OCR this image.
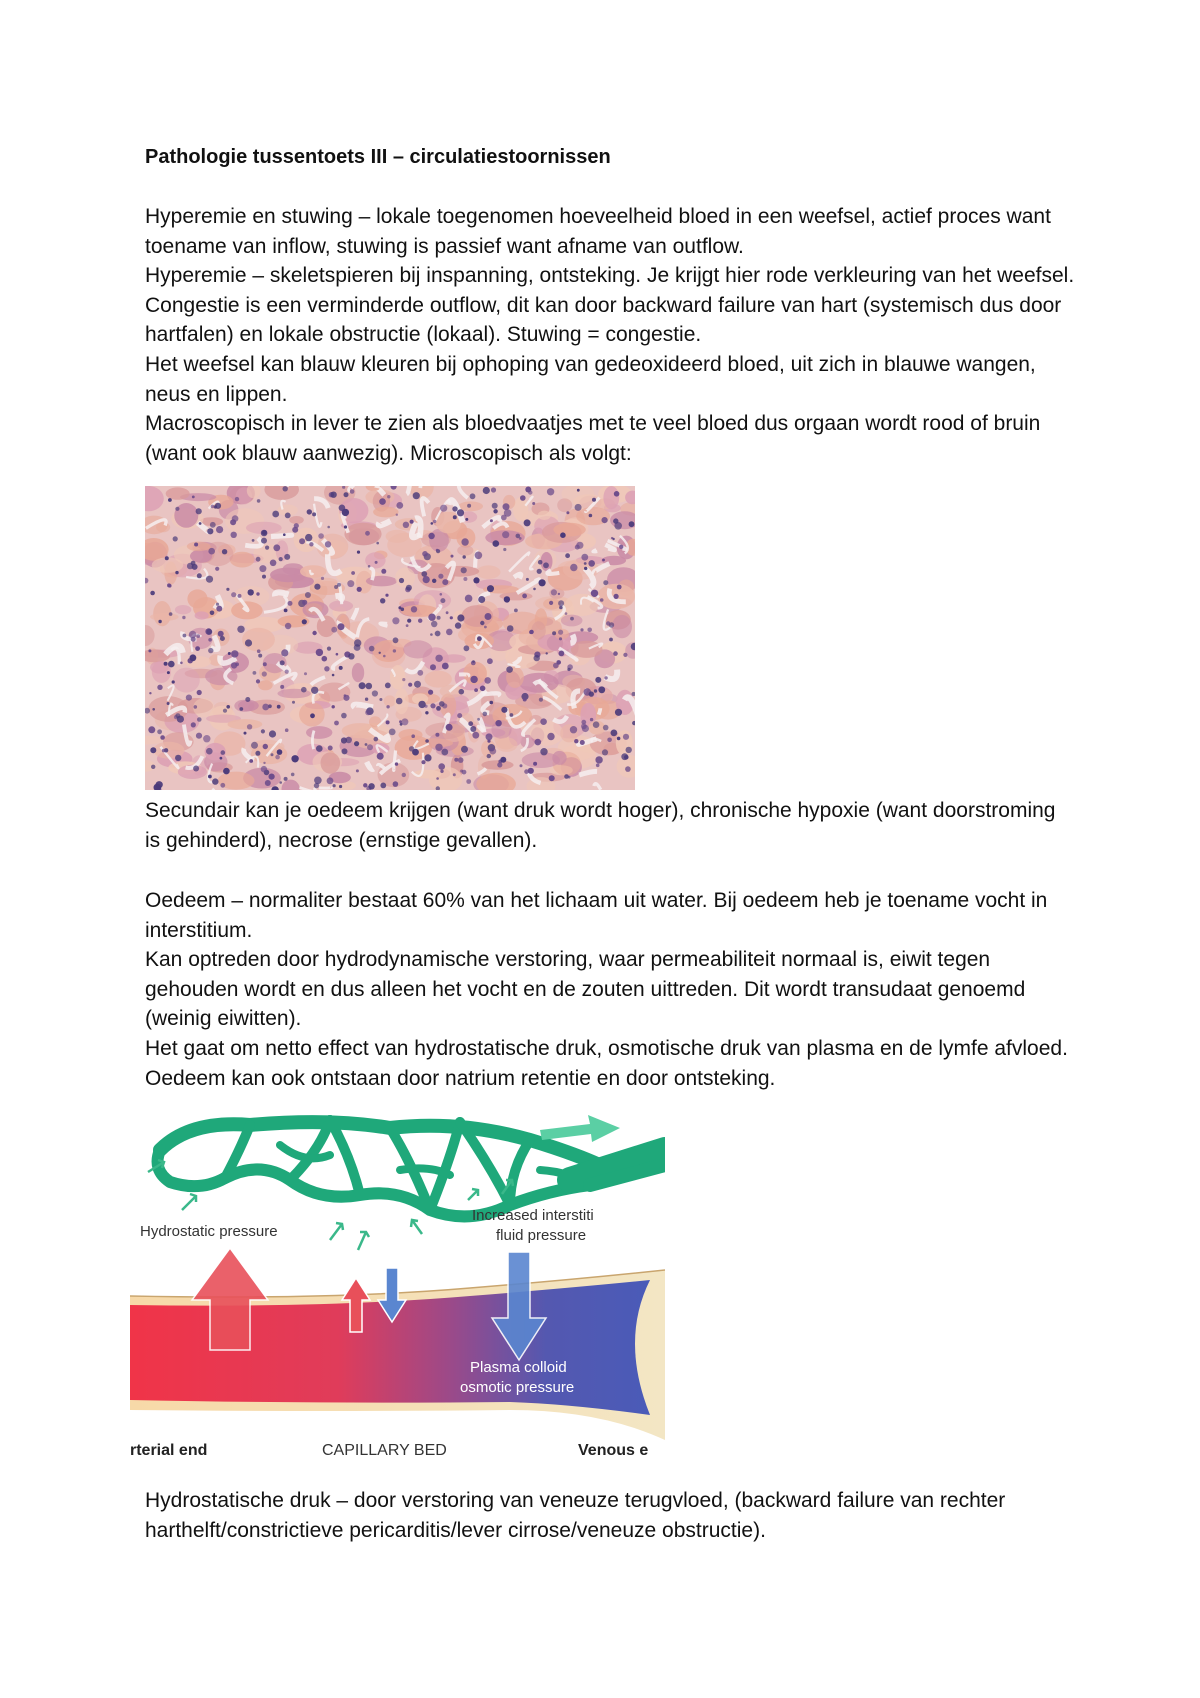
Pathologie tussentoets III – circulatiestoornissen

Hyperemie en stuwing – lokale toegenomen hoeveelheid bloed in een weefsel, actief proces want toename van inflow, stuwing is passief want afname van outflow.

Hyperemie – skeletspieren bij inspanning, ontsteking. Je krijgt hier rode verkleuring van het weefsel. Congestie is een verminderde outflow, dit kan door backward failure van hart (systemisch dus door hartfalen) en lokale obstructie (lokaal). Stuwing = congestie.

Het weefsel kan blauw kleuren bij ophoping van gedeoxideerd bloed, uit zich in blauwe wangen, neus en lippen.

Macroscopisch in lever te zien als bloedvaatjes met te veel bloed dus orgaan wordt rood of bruin (want ook blauw aanwezig). Microscopisch als volgt:

Secundair kan je oedeem krijgen (want druk wordt hoger), chronische hypoxie (want doorstroming is gehinderd), necrose (ernstige gevallen).

Oedeem – normaliter bestaat 60% van het lichaam uit water. Bij oedeem heb je toename vocht in interstitium.

Kan optreden door hydrodynamische verstoring, waar permeabiliteit normaal is, eiwit tegen gehouden wordt en dus alleen het vocht en de zouten uittreden. Dit wordt transudaat genoemd (weinig eiwitten).

Het gaat om netto effect van hydrostatische druk, osmotische druk van plasma en de lymfe afvloed. Oedeem kan ook ontstaan door natrium retentie en door ontsteking.

Hydrostatic pressure
Increased interstiti
fluid pressure
Plasma colloid
osmotic pressure
rterial end	CAPILLARY BED	Venous e

Hydrostatische druk – door verstoring van veneuze terugvloed, (backward failure van rechter harthelft/constrictieve pericarditis/lever cirrose/veneuze obstructie).
